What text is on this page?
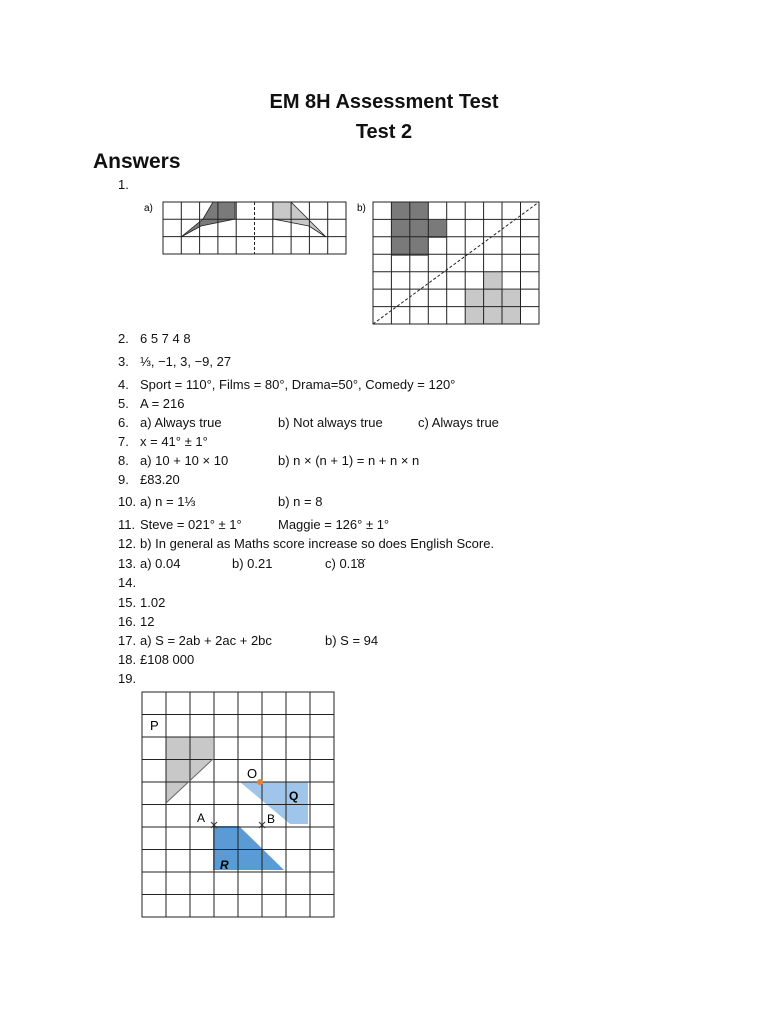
EM 8H Assessment Test
Test 2
Answers
1.
a)	b)
2. 6 5 7 4 8
3. ⅓, −1, 3, −9, 27
4. Sport = 110°, Films = 80°, Drama=50°, Comedy = 120°
5. A = 216
6. a) Always true	b) Not always true	c) Always true
7. x = 41° ± 1°
8. a) 10 + 10 × 10	b) n × (n + 1) = n + n × n
9. £83.20
10. a) n = 1⅓	b) n = 8
11. Steve = 021° ± 1°	Maggie = 126° ± 1°
12. b) In general as Maths score increase so does English Score.
13. a) 0.04	b) 0.21	c) 0.1̇8̇
14.
15. 1.02
16. 12
17. a) S = 2ab + 2ac + 2bc	b) S = 94
18. £108 000
19.
P
O
Q
A	B
R
